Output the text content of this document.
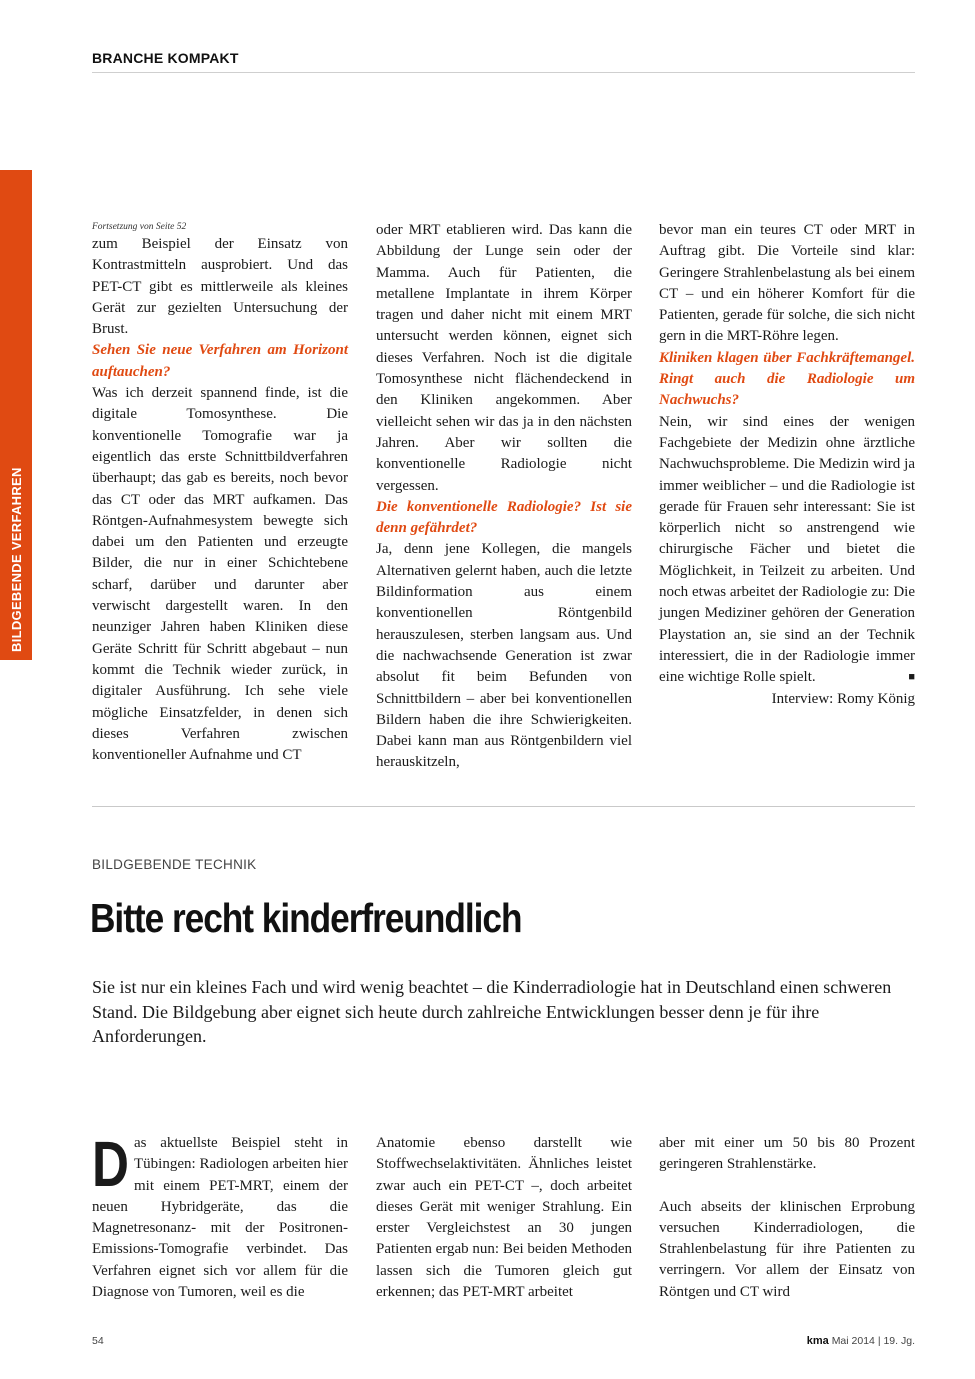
BRANCHE KOMPAKT
BILDGEBENDE VERFAHREN

Fortsetzung von Seite 52

zum Beispiel der Einsatz von Kontrastmitteln ausprobiert. Und das PET-CT gibt es mittlerweile als kleines Gerät zur gezielten Untersuchung der Brust.

Sehen Sie neue Verfahren am Horizont auftauchen?

Was ich derzeit spannend finde, ist die digitale Tomosynthese. Die konventionelle Tomografie war ja eigentlich das erste Schnittbildverfahren überhaupt; das gab es bereits, noch bevor das CT oder das MRT aufkamen. Das Röntgen-Aufnahmesystem bewegte sich dabei um den Patienten und erzeugte Bilder, die nur in einer Schichtebene scharf, darüber und darunter aber verwischt dargestellt waren. In den neunziger Jahren haben Kliniken diese Geräte Schritt für Schritt abgebaut – nun kommt die Technik wieder zurück, in digitaler Ausführung. Ich sehe viele mögliche Einsatzfelder, in denen sich dieses Verfahren zwischen konventioneller Aufnahme und CT

oder MRT etablieren wird. Das kann die Abbildung der Lunge sein oder der Mamma. Auch für Patienten, die metallene Implantate in ihrem Körper tragen und daher nicht mit einem MRT untersucht werden können, eignet sich dieses Verfahren. Noch ist die digitale Tomosynthese nicht flächendeckend in den Kliniken angekommen. Aber vielleicht sehen wir das ja in den nächsten Jahren. Aber wir sollten die konventionelle Radiologie nicht vergessen.

Die konventionelle Radiologie? Ist sie denn gefährdet?

Ja, denn jene Kollegen, die mangels Alternativen gelernt haben, auch die letzte Bildinformation aus einem konventionellen Röntgenbild herauszulesen, sterben langsam aus. Und die nachwachsende Generation ist zwar absolut fit beim Befunden von Schnittbildern – aber bei konventionellen Bildern haben die ihre Schwierigkeiten. Dabei kann man aus Röntgenbildern viel herauskitzeln,

bevor man ein teures CT oder MRT in Auftrag gibt. Die Vorteile sind klar: Geringere Strahlenbelastung als bei einem CT – und ein höherer Komfort für die Patienten, gerade für solche, die sich nicht gern in die MRT-Röhre legen.

Kliniken klagen über Fachkräftemangel. Ringt auch die Radiologie um Nachwuchs?

Nein, wir sind eines der wenigen Fachgebiete der Medizin ohne ärztliche Nachwuchsprobleme. Die Medizin wird ja immer weiblicher – und die Radiologie ist gerade für Frauen sehr interessant: Sie ist körperlich nicht so anstrengend wie chirurgische Fächer und bietet die Möglichkeit, in Teilzeit zu arbeiten. Und noch etwas arbeitet der Radiologie zu: Die jungen Mediziner gehören der Generation Playstation an, sie sind an der Technik interessiert, die in der Radiologie immer eine wichtige Rolle spielt.	■

Interview: Romy König

BILDGEBENDE TECHNIK
Bitte recht kinderfreundlich

Sie ist nur ein kleines Fach und wird wenig beachtet – die Kinderradiologie hat in Deutschland einen schweren Stand. Die Bildgebung aber eignet sich heute durch zahlreiche Entwicklungen besser denn je für ihre Anforderungen.

D as aktuellste Beispiel steht in Tübingen: Radiologen arbeiten hier mit einem PET-MRT, einem der neuen Hybridgeräte, das die Magnetresonanz- mit der Positronen-Emissions-Tomografie verbindet. Das Verfahren eignet sich vor allem für die Diagnose von Tumoren, weil es die

Anatomie ebenso darstellt wie Stoffwechselaktivitäten. Ähnliches leistet zwar auch ein PET-CT –, doch arbeitet dieses Gerät mit weniger Strahlung. Ein erster Vergleichstest an 30 jungen Patienten ergab nun: Bei beiden Methoden lassen sich die Tumoren gleich gut erkennen; das PET-MRT arbeitet

aber mit einer um 50 bis 80 Prozent geringeren Strahlenstärke.

Auch abseits der klinischen Erprobung versuchen Kinderradiologen, die Strahlenbelastung für ihre Patienten zu verringern. Vor allem der Einsatz von Röntgen und CT wird

54	kma Mai 2014 | 19. Jg.
